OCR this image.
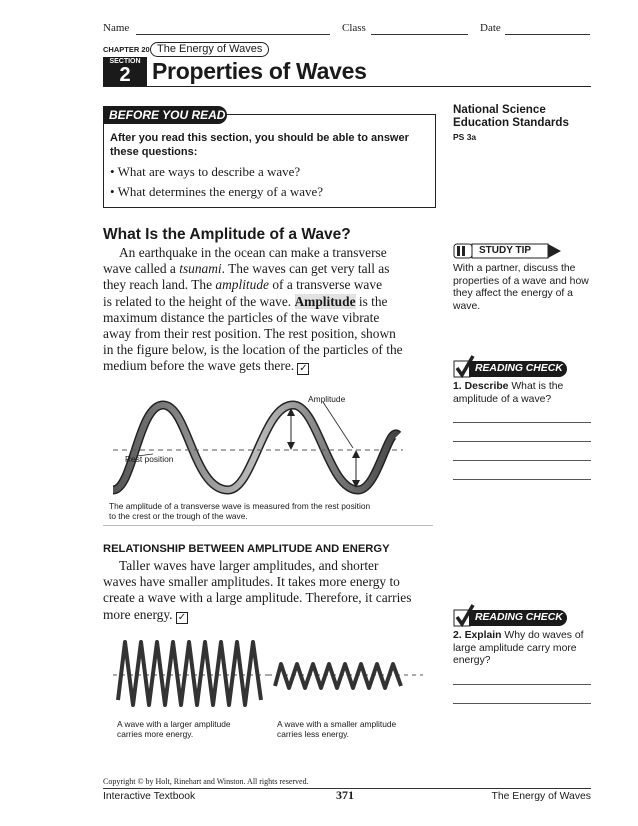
Name	Class	Date
CHAPTER 20 The Energy of Waves
SECTION
2 Properties of Waves
BEFORE YOU READ
After you read this section, you should be able to answer these questions:
• What are ways to describe a wave?
• What determines the energy of a wave?
National Science Education Standards
PS 3a
What Is the Amplitude of a Wave?
An earthquake in the ocean can make a transverse
wave called a tsunami. The waves can get very tall as
they reach land. The amplitude of a transverse wave
is related to the height of the wave. Amplitude is the
maximum distance the particles of the wave vibrate
away from their rest position. The rest position, shown
in the figure below, is the location of the particles of the
medium before the wave gets there. ✓
STUDY TIP
With a partner, discuss the properties of a wave and how they affect the energy of a wave.
READING CHECK
1. Describe What is the amplitude of a wave?
Amplitude
Rest position
The amplitude of a transverse wave is measured from the rest position
to the crest or the trough of the wave.
RELATIONSHIP BETWEEN AMPLITUDE AND ENERGY
Taller waves have larger amplitudes, and shorter
waves have smaller amplitudes. It takes more energy to
create a wave with a large amplitude. Therefore, it carries
more energy. ✓	READING CHECK
2. Explain Why do waves of large amplitude carry more energy?
A wave with a larger amplitude
carries more energy.
A wave with a smaller amplitude
carries less energy.
Copyright © by Holt, Rinehart and Winston. All rights reserved.
Interactive Textbook	371	The Energy of Waves
